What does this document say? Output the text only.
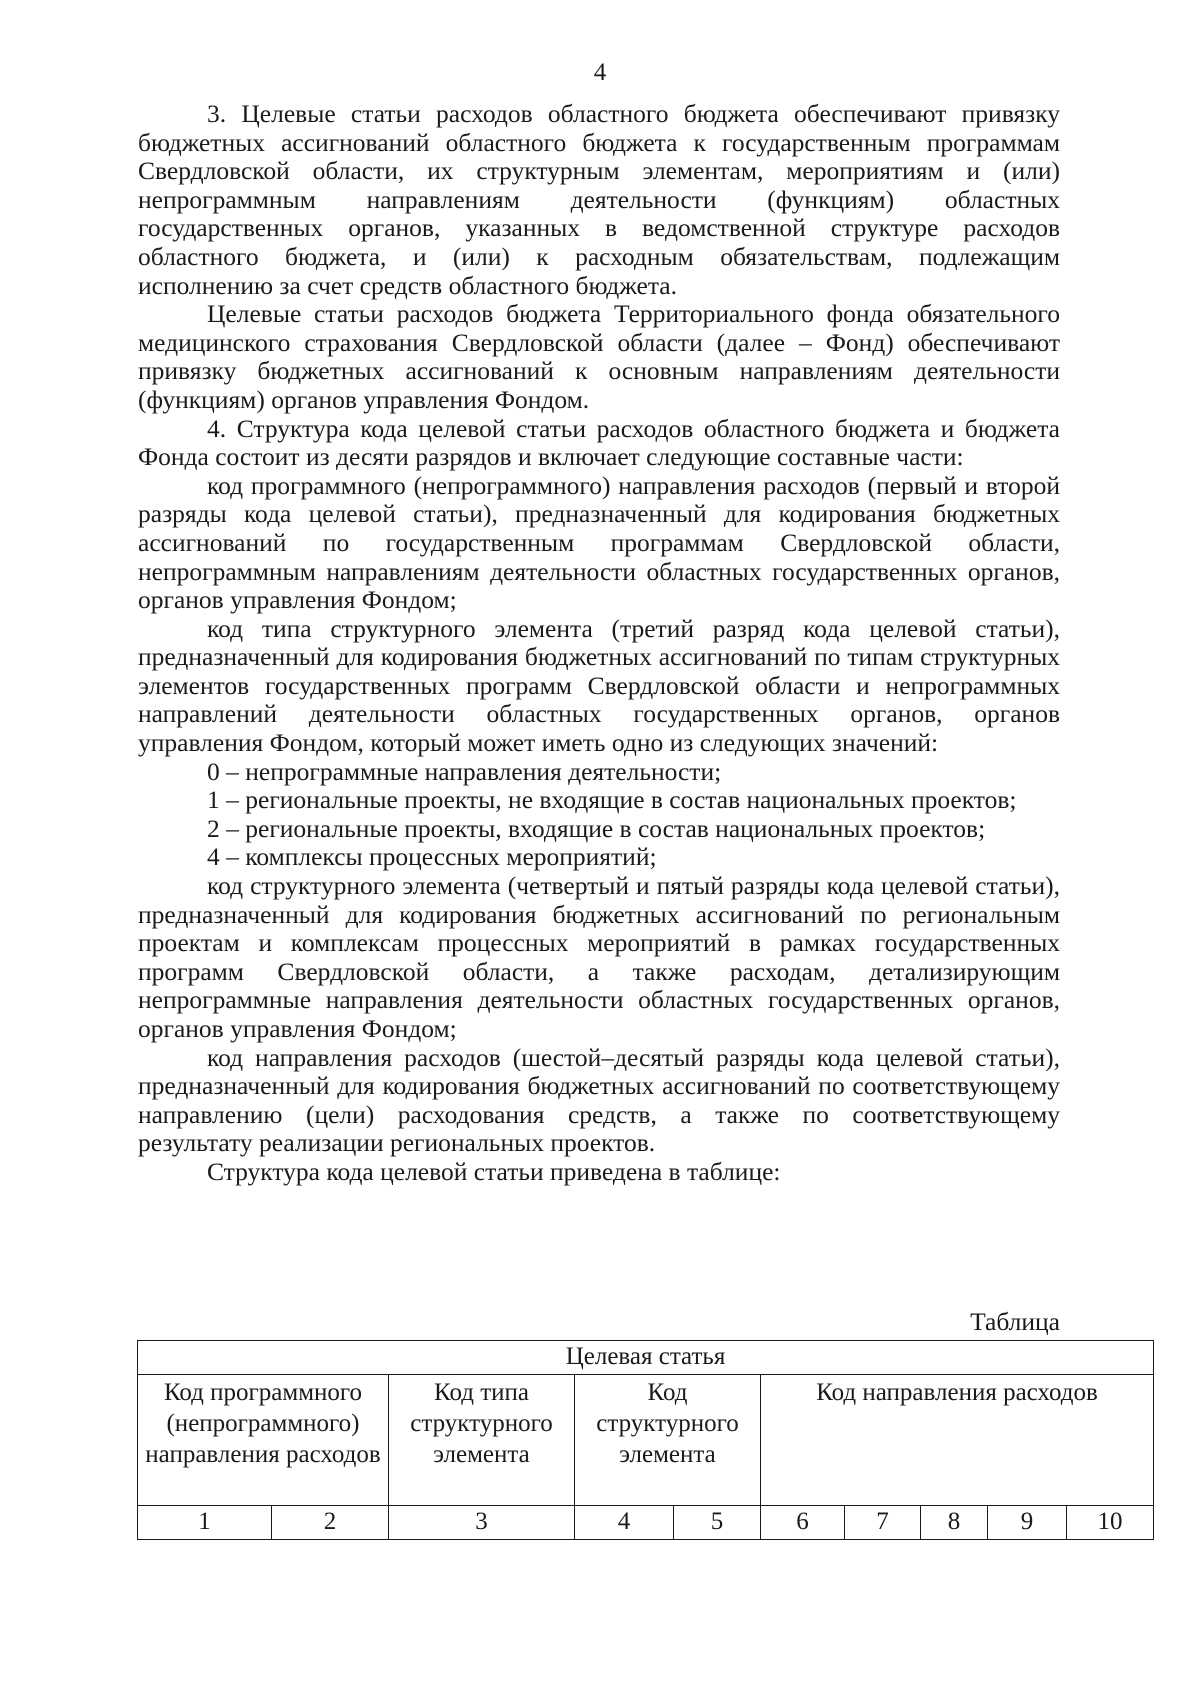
4

3. Целевые статьи расходов областного бюджета обеспечивают привязку бюджетных ассигнований областного бюджета к государственным программам Свердловской области, их структурным элементам, мероприятиям и (или) непрограммным направлениям деятельности (функциям) областных государственных органов, указанных в ведомственной структуре расходов областного бюджета, и (или) к расходным обязательствам, подлежащим исполнению за счет средств областного бюджета.

Целевые статьи расходов бюджета Территориального фонда обязательного медицинского страхования Свердловской области (далее – Фонд) обеспечивают привязку бюджетных ассигнований к основным направлениям деятельности (функциям) органов управления Фондом.

4. Структура кода целевой статьи расходов областного бюджета и бюджета Фонда состоит из десяти разрядов и включает следующие составные части:

код программного (непрограммного) направления расходов (первый и второй разряды кода целевой статьи), предназначенный для кодирования бюджетных ассигнований по государственным программам Свердловской области, непрограммным направлениям деятельности областных государственных органов, органов управления Фондом;

код типа структурного элемента (третий разряд кода целевой статьи), предназначенный для кодирования бюджетных ассигнований по типам структурных элементов государственных программ Свердловской области и непрограммных направлений деятельности областных государственных органов, органов управления Фондом, который может иметь одно из следующих значений:

0 – непрограммные направления деятельности;

1 – региональные проекты, не входящие в состав национальных проектов;

2 – региональные проекты, входящие в состав национальных проектов;

4 – комплексы процессных мероприятий;

код структурного элемента (четвертый и пятый разряды кода целевой статьи), предназначенный для кодирования бюджетных ассигнований по региональным проектам и комплексам процессных мероприятий в рамках государственных программ Свердловской области, а также расходам, детализирующим непрограммные направления деятельности областных государственных органов, органов управления Фондом;

код направления расходов (шестой–десятый разряды кода целевой статьи), предназначенный для кодирования бюджетных ассигнований по соответствующему направлению (цели) расходования средств, а также по соответствующему результату реализации региональных проектов.

Структура кода целевой статьи приведена в таблице:

Таблица
Целевая статья									
Код программного (непрограммного) направления расходов		Код типа структурного элемента	Код структурного элемента		Код направления расходов				
1	2	3	4	5	6	7	8	9	10
